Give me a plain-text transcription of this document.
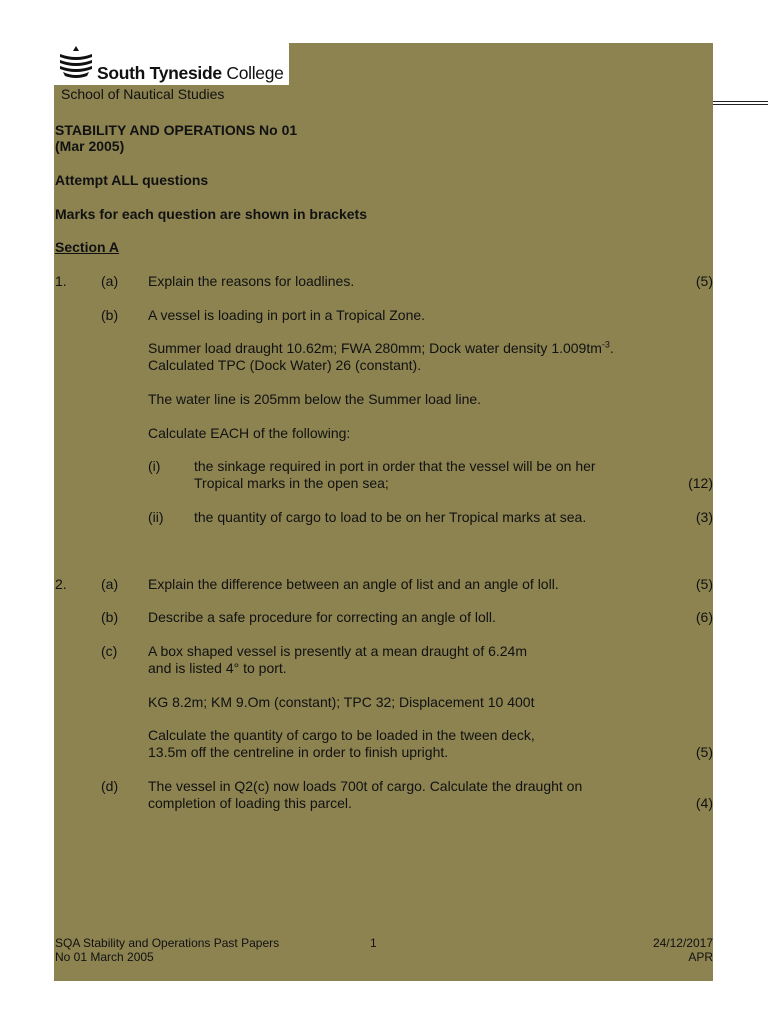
South Tyneside College
School of Nautical Studies
STABILITY AND OPERATIONS No 01
(Mar 2005)
Attempt ALL questions
Marks for each question are shown in brackets
Section A
1. (a) Explain the reasons for loadlines.	(5)
(b) A vessel is loading in port in a Tropical Zone.
Summer load draught 10.62m; FWA 280mm; Dock water density $1.009tm^{-3}$.
Calculated TPC (Dock Water) 26 (constant).
The water line is 205mm below the Summer load line.
Calculate EACH of the following:
(i) the sinkage required in port in order that the vessel will be on her
Tropical marks in the open sea;	(12)
(ii) the quantity of cargo to load to be on her Tropical marks at sea.	(3)
2. (a) Explain the difference between an angle of list and an angle of loll.	(5)
(b) Describe a safe procedure for correcting an angle of loll.	(6)
(c) A box shaped vessel is presently at a mean draught of 6.24m
and is listed 4° to port.
KG 8.2m; KM 9.Om (constant); TPC 32; Displacement 10 400t
Calculate the quantity of cargo to be loaded in the tween deck,
13.5m off the centreline in order to finish upright.	(5)
(d) The vessel in Q2(c) now loads 700t of cargo. Calculate the draught on
completion of loading this parcel.	(4)
SQA Stability and Operations Past Papers
No 01 March 2005
1	24/12/2017
APR
